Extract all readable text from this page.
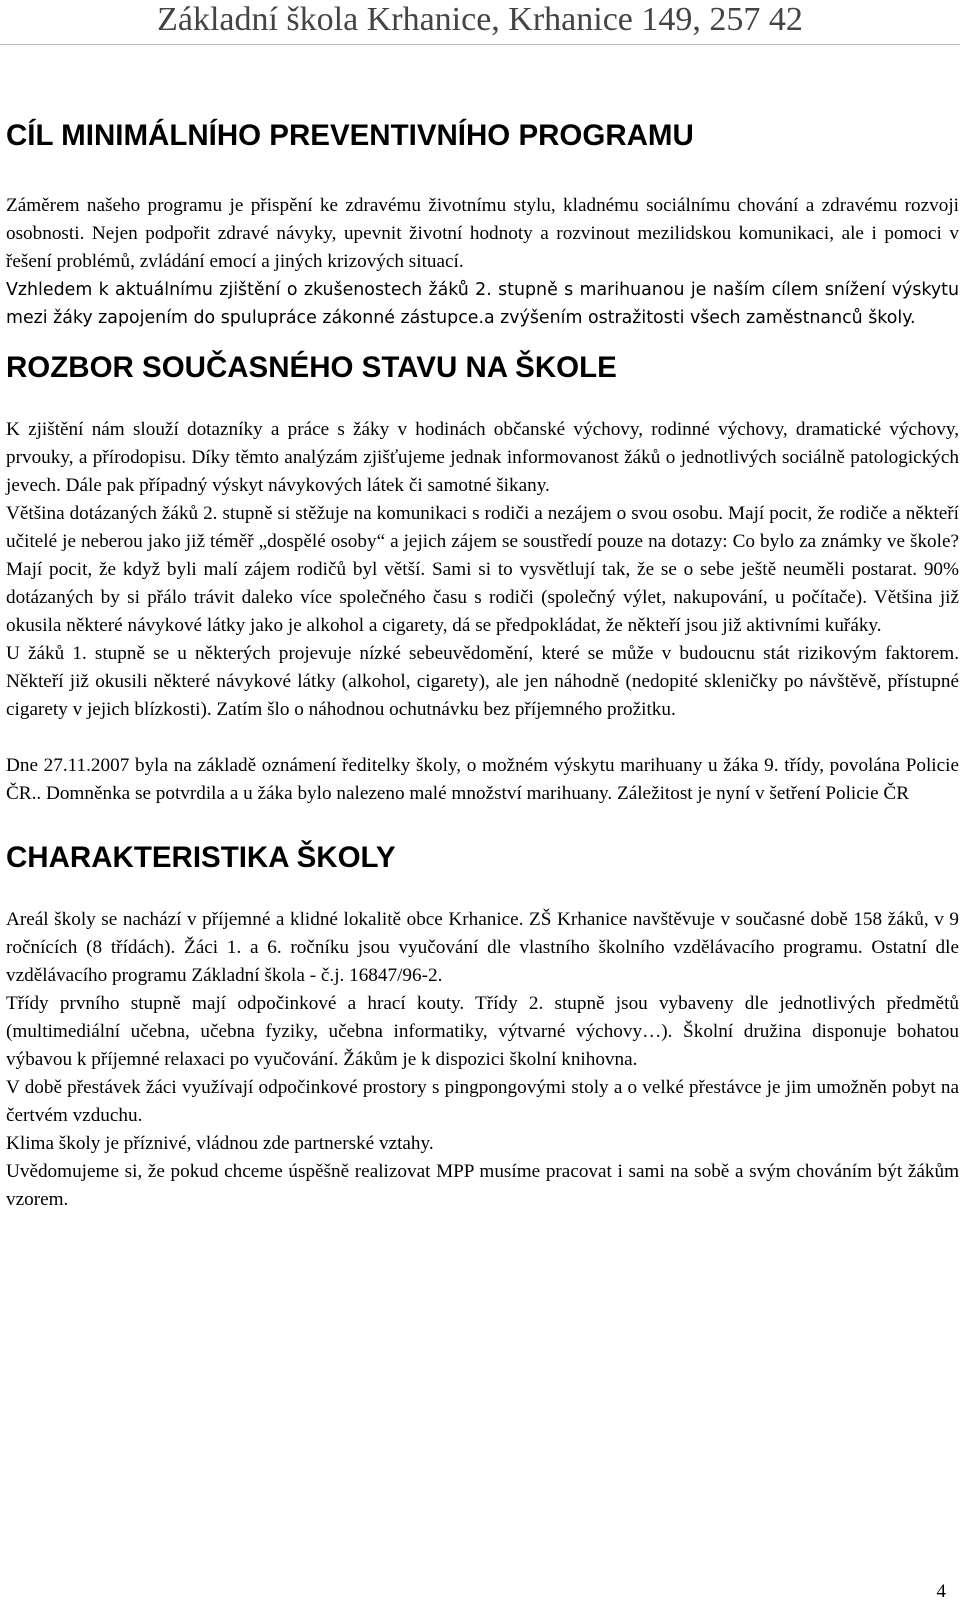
Základní škola Krhanice, Krhanice 149, 257 42
CÍL MINIMÁLNÍHO PREVENTIVNÍHO PROGRAMU

Záměrem našeho programu je přispění ke zdravému životnímu stylu, kladnému sociálnímu chování a zdravému rozvoji osobnosti. Nejen podpořit zdravé návyky, upevnit životní hodnoty a rozvinout mezilidskou komunikaci, ale i pomoci v řešení problémů, zvládání emocí a jiných krizových situací.

Vzhledem k aktuálnímu zjištění o zkušenostech žáků 2. stupně s marihuanou je naším cílem snížení výskytu mezi žáky zapojením do spulupráce zákonné zástupce.a zvýšením ostražitosti všech zaměstnanců školy.

ROZBOR SOUČASNÉHO STAVU NA ŠKOLE

K zjištění nám slouží dotazníky a práce s žáky v hodinách občanské výchovy, rodinné výchovy, dramatické výchovy, prvouky, a přírodopisu. Díky těmto analýzám zjišťujeme jednak informovanost žáků o jednotlivých sociálně patologických jevech. Dále pak případný výskyt návykových látek či samotné šikany.

Většina dotázaných žáků 2. stupně si stěžuje na komunikaci s rodiči a nezájem o svou osobu. Mají pocit, že rodiče a někteří učitelé je neberou jako již téměř „dospělé osoby“ a jejich zájem se soustředí pouze na dotazy: Co bylo za známky ve škole? Mají pocit, že když byli malí zájem rodičů byl větší. Sami si to vysvětlují tak, že se o sebe ještě neuměli postarat. 90% dotázaných by si přálo trávit daleko více společného času s rodiči (společný výlet, nakupování, u počítače). Většina již okusila některé návykové látky jako je alkohol a cigarety, dá se předpokládat, že někteří jsou již aktivními kuřáky.

U žáků 1. stupně se u některých projevuje nízké sebeuvědomění, které se může v budoucnu stát rizikovým faktorem. Někteří již okusili některé návykové látky (alkohol, cigarety), ale jen náhodně (nedopité skleničky po návštěvě, přístupné cigarety v jejich blízkosti). Zatím šlo o náhodnou ochutnávku bez příjemného prožitku.

Dne 27.11.2007 byla na základě oznámení ředitelky školy, o možném výskytu marihuany u žáka 9. třídy, povolána Policie ČR.. Domněnka se potvrdila a u žáka bylo nalezeno malé množství marihuany. Záležitost je nyní v šetření Policie ČR

CHARAKTERISTIKA ŠKOLY

Areál školy se nachází v příjemné a klidné lokalitě obce Krhanice. ZŠ Krhanice navštěvuje v současné době 158 žáků, v 9 ročnících (8 třídách). Žáci 1. a 6. ročníku jsou vyučování dle vlastního školního vzdělávacího programu. Ostatní dle vzdělávacího programu Základní škola - č.j. 16847/96-2.

Třídy prvního stupně mají odpočinkové a hrací kouty. Třídy 2. stupně jsou vybaveny dle jednotlivých předmětů (multimediální učebna, učebna fyziky, učebna informatiky, výtvarné výchovy…). Školní družina disponuje bohatou výbavou k příjemné relaxaci po vyučování. Žákům je k dispozici školní knihovna.

V době přestávek žáci využívají odpočinkové prostory s pingpongovými stoly a o velké přestávce je jim umožněn pobyt na čertvém vzduchu.

Klima školy je příznivé, vládnou zde partnerské vztahy.

Uvědomujeme si, že pokud chceme úspěšně realizovat MPP musíme pracovat i sami na sobě a svým chováním být žákům vzorem.

4
